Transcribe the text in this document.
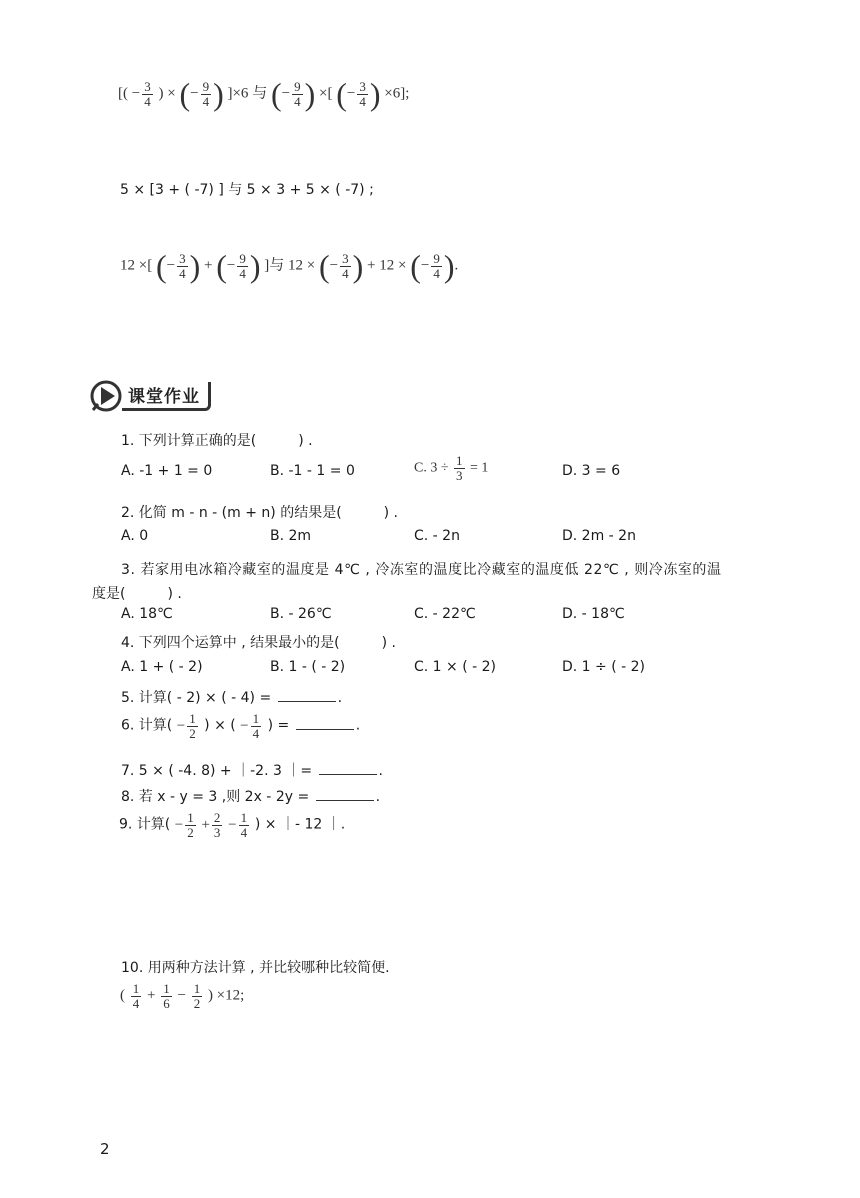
[( − $\frac{3}{4}$ ) × (− $\frac{9}{4}$ ) ]×6 与 (− $\frac{9}{4}$ ) ×[ (− $\frac{3}{4}$ ) ×6];
5 × [3 + ( -7) ] 与 5 × 3 + 5 × ( -7) ;
12 ×[ (− $\frac{3}{4}$ ) + (− $\frac{9}{4}$ ) ]与 12 × (− $\frac{3}{4}$ ) + 12 × (− $\frac{9}{4}$ ).
课堂作业
1. 下列计算正确的是(　　　) .
A. -1 + 1 = 0	B. -1 - 1 = 0	C. $3 \div \frac{1}{3} = 1$	D. 3 = 6
2. 化简 m - n - (m + n) 的结果是(　　　) .
A. 0	B. 2m	C. - 2n	D. 2m - 2n
3. 若家用电冰箱冷藏室的温度是 4℃ , 冷冻室的温度比冷藏室的温度低 22℃ , 则冷冻室的温
度是(　　　) .
A. 18℃	B. - 26℃	C. - 22℃	D. - 18℃
4. 下列四个运算中 , 结果最小的是(　　　) .
A. 1 + ( - 2)	B. 1 - ( - 2)	C. 1 × ( - 2)	D. 1 ÷ ( - 2)
5. 计算( - 2) × ( - 4) =	.
6. 计算( − $\frac{1}{2}$ ) × ( − $\frac{1}{4}$ ) =	.
7. 5 × ( -4. 8) + ｜-2. 3 ｜=	.
8. 若 x - y = 3 ,则 2x - 2y =	.
9. 计算( − $\frac{1}{2} + \frac{2}{3} - \frac{1}{4}$ ) × ｜- 12 ｜.
10. 用两种方法计算 , 并比较哪种比较简便.
( $\frac{1}{4} + \frac{1}{6} - \frac{1}{2}$ ) ×12;
2
